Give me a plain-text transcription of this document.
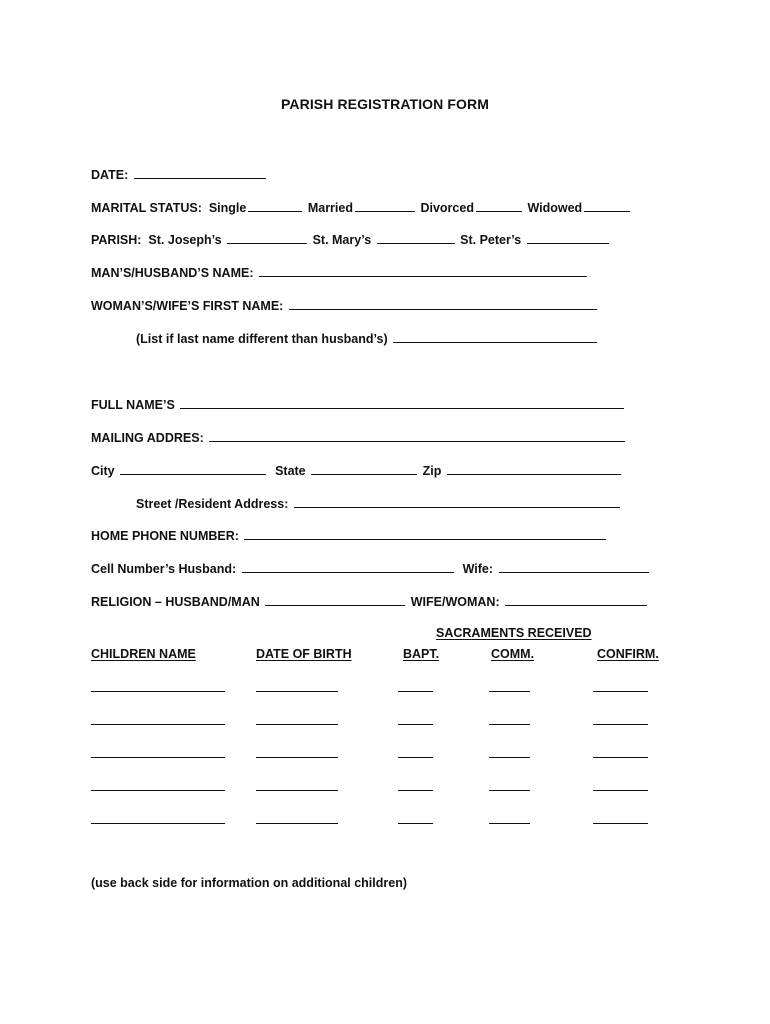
PARISH REGISTRATION FORM
DATE:
MARITAL STATUS: Single	Married	Divorced	Widowed
PARISH: St. Joseph’s	St. Mary’s	St. Peter’s
MAN’S/HUSBAND’S NAME:
WOMAN’S/WIFE’S FIRST NAME:
(List if last name different than husband’s)
FULL NAME’S
MAILING ADDRES:
City	State	Zip
Street /Resident Address:
HOME PHONE NUMBER:
Cell Number’s Husband:	Wife:
RELIGION – HUSBAND/MAN	WIFE/WOMAN:
SACRAMENTS RECEIVED
CHILDREN NAME	DATE OF BIRTH	BAPT.	COMM.	CONFIRM.
(use back side for information on additional children)
